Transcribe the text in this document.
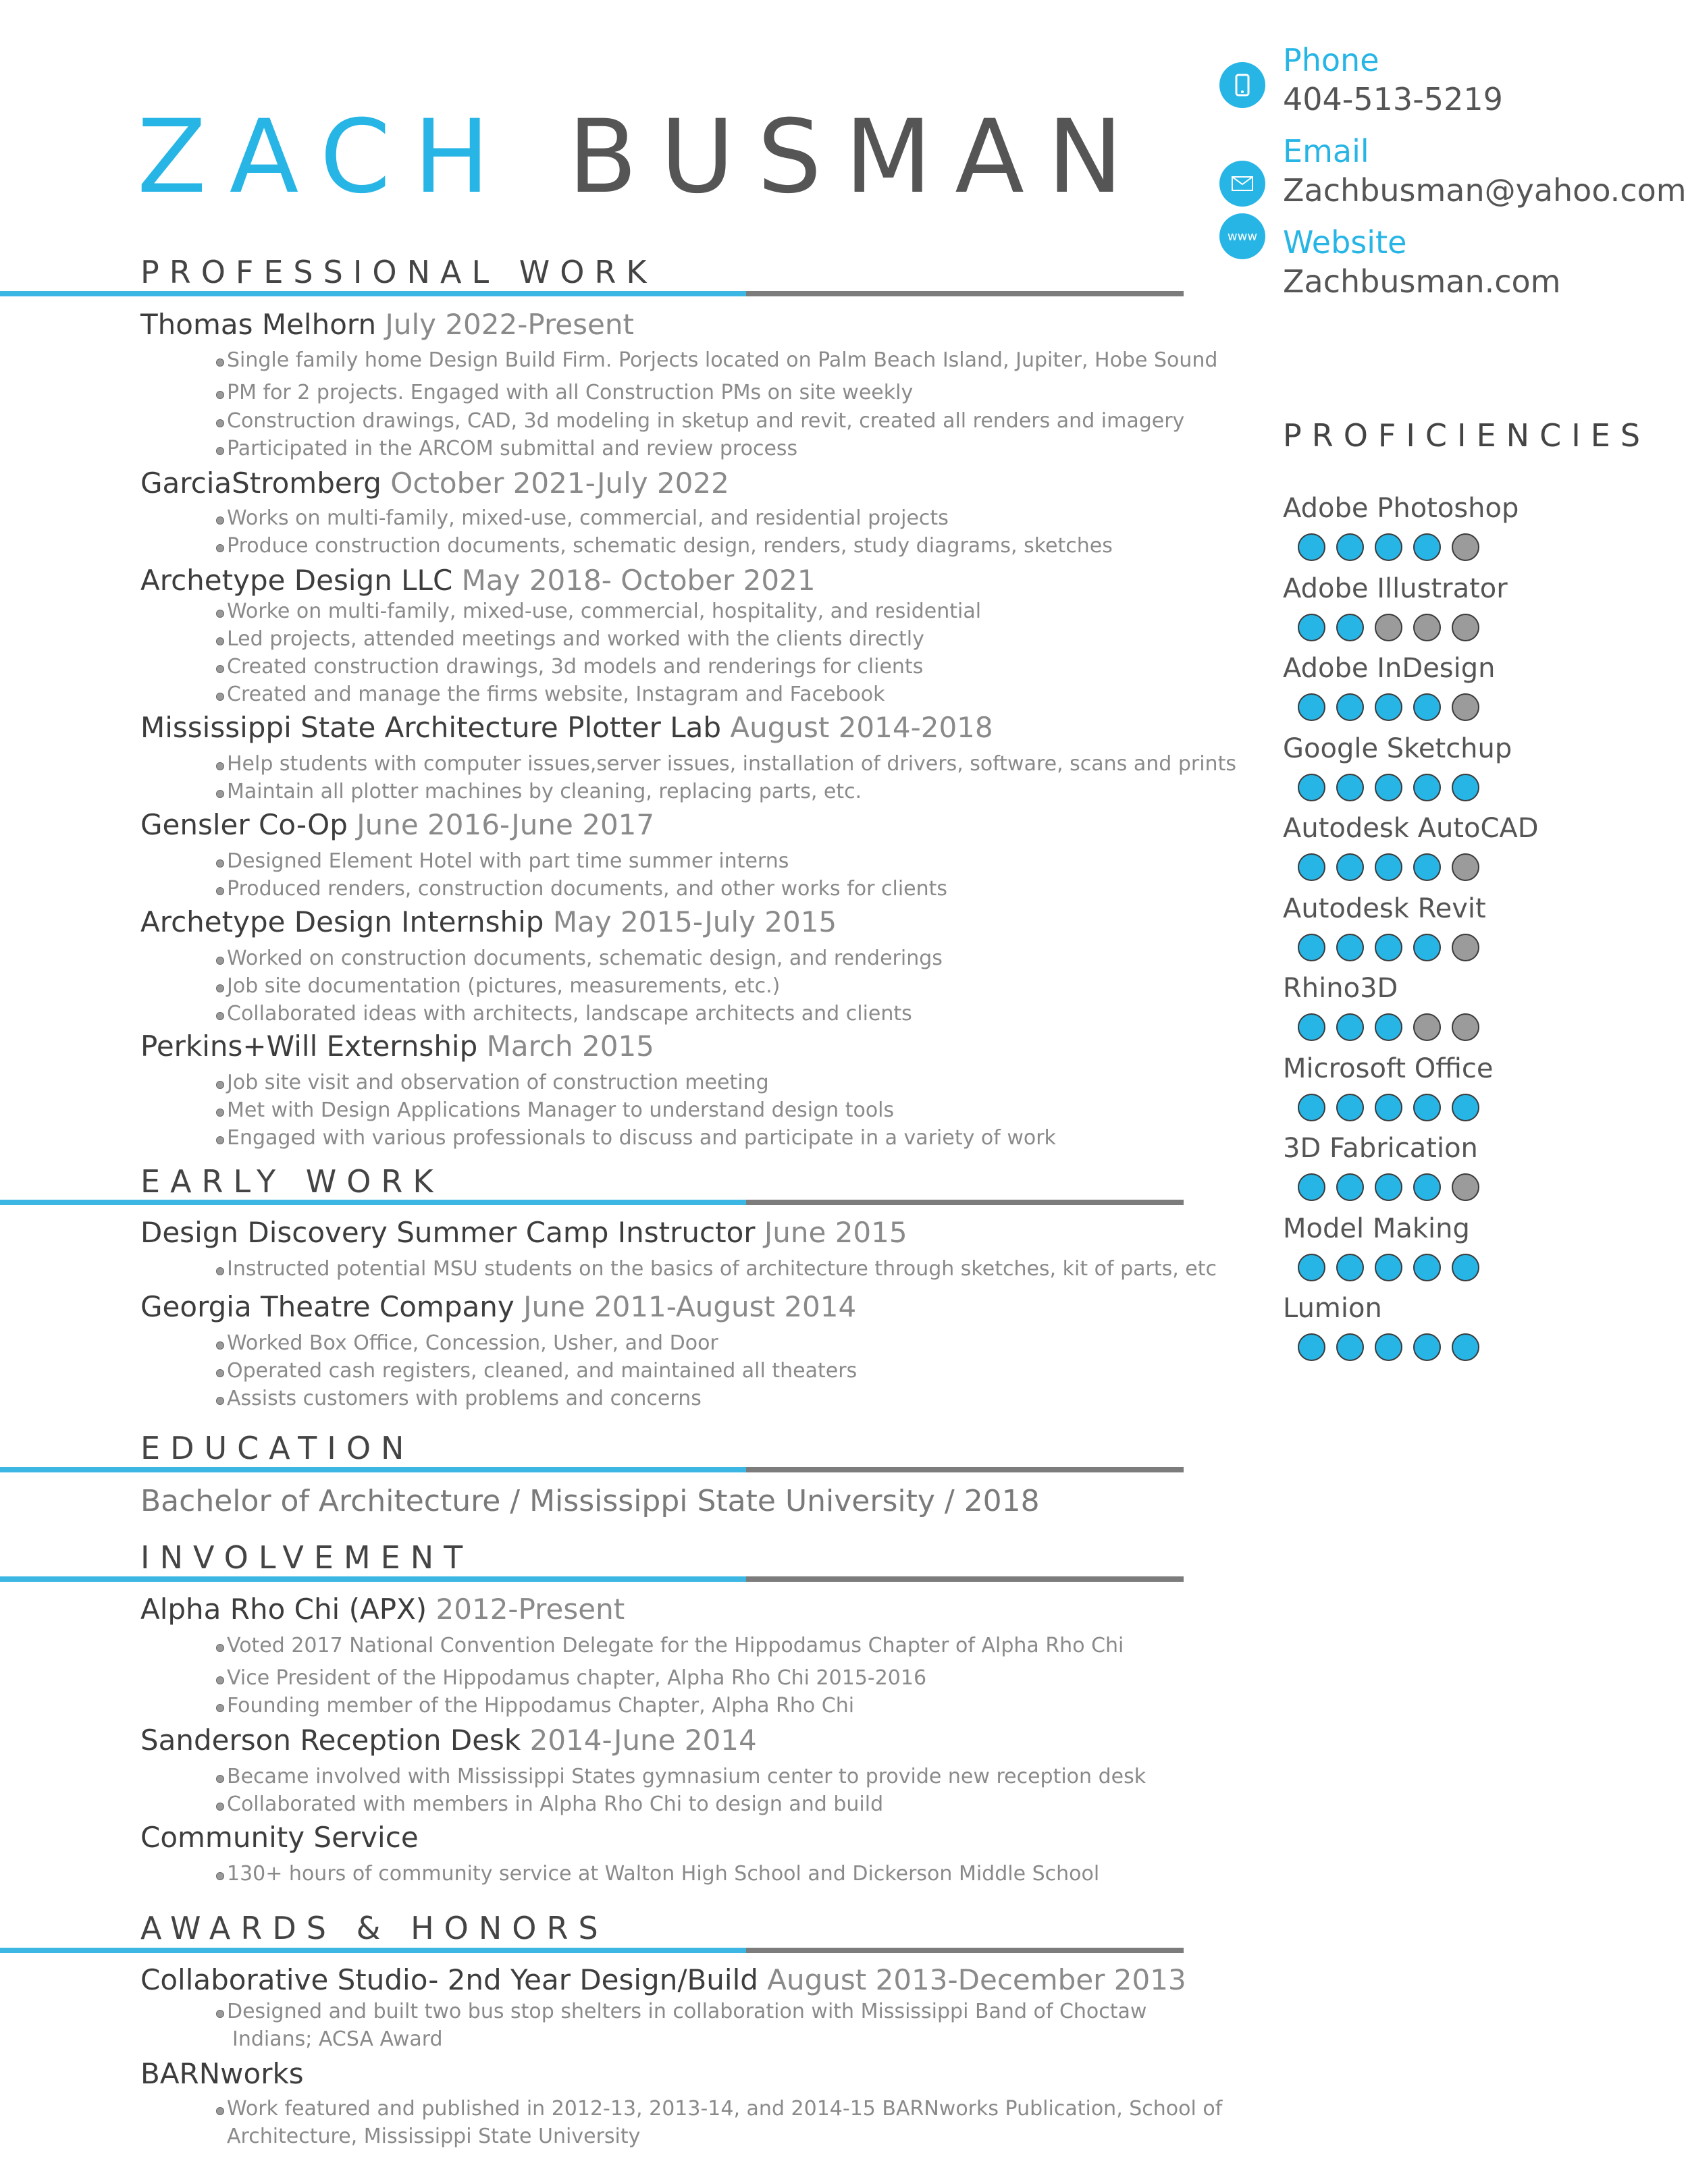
ZACH BUSMAN
Phone
404-513-5219
Email
Zachbusman@yahoo.com
www Website
Zachbusman.com
PROFESSIONAL WORK
Thomas Melhorn July 2022-Present
Single family home Design Build Firm. Porjects located on Palm Beach Island, Jupiter, Hobe Sound
PM for 2 projects. Engaged with all Construction PMs on site weekly
Construction drawings, CAD, 3d modeling in sketup and revit, created all renders and imagery
Participated in the ARCOM submittal and review process
GarciaStromberg October 2021-July 2022
Works on multi-family, mixed-use, commercial, and residential projects
Produce construction documents, schematic design, renders, study diagrams, sketches
Archetype Design LLC May 2018- October 2021
Worke on multi-family, mixed-use, commercial, hospitality, and residential
Led projects, attended meetings and worked with the clients directly
Created construction drawings, 3d models and renderings for clients
Created and manage the firms website, Instagram and Facebook
Mississippi State Architecture Plotter Lab August 2014-2018
Help students with computer issues,server issues, installation of drivers, software, scans and prints
Maintain all plotter machines by cleaning, replacing parts, etc.
Gensler Co-Op June 2016-June 2017
Designed Element Hotel with part time summer interns
Produced renders, construction documents, and other works for clients
Archetype Design Internship May 2015-July 2015
Worked on construction documents, schematic design, and renderings
Job site documentation (pictures, measurements, etc.)
Collaborated ideas with architects, landscape architects and clients
Perkins+Will Externship March 2015
Job site visit and observation of construction meeting
Met with Design Applications Manager to understand design tools
Engaged with various professionals to discuss and participate in a variety of work
EARLY WORK
Design Discovery Summer Camp Instructor June 2015
Instructed potential MSU students on the basics of architecture through sketches, kit of parts, etc
Georgia Theatre Company June 2011-August 2014
Worked Box Office, Concession, Usher, and Door
Operated cash registers, cleaned, and maintained all theaters
Assists customers with problems and concerns
EDUCATION
Bachelor of Architecture / Mississippi State University / 2018
INVOLVEMENT
Alpha Rho Chi (APX) 2012-Present
Voted 2017 National Convention Delegate for the Hippodamus Chapter of Alpha Rho Chi
Vice President of the Hippodamus chapter, Alpha Rho Chi 2015-2016
Founding member of the Hippodamus Chapter, Alpha Rho Chi
Sanderson Reception Desk 2014-June 2014
Became involved with Mississippi States gymnasium center to provide new reception desk
Collaborated with members in Alpha Rho Chi to design and build
Community Service
130+ hours of community service at Walton High School and Dickerson Middle School
AWARDS & HONORS
Collaborative Studio- 2nd Year Design/Build August 2013-December 2013
Designed and built two bus stop shelters in collaboration with Mississippi Band of Choctaw
Indians; ACSA Award
BARNworks
Work featured and published in 2012-13, 2013-14, and 2014-15 BARNworks Publication, School of
Architecture, Mississippi State University
PROFICIENCIES
Adobe Photoshop
Adobe Illustrator
Adobe InDesign
Google Sketchup
Autodesk AutoCAD
Autodesk Revit
Rhino3D
Microsoft Office
3D Fabrication
Model Making
Lumion
